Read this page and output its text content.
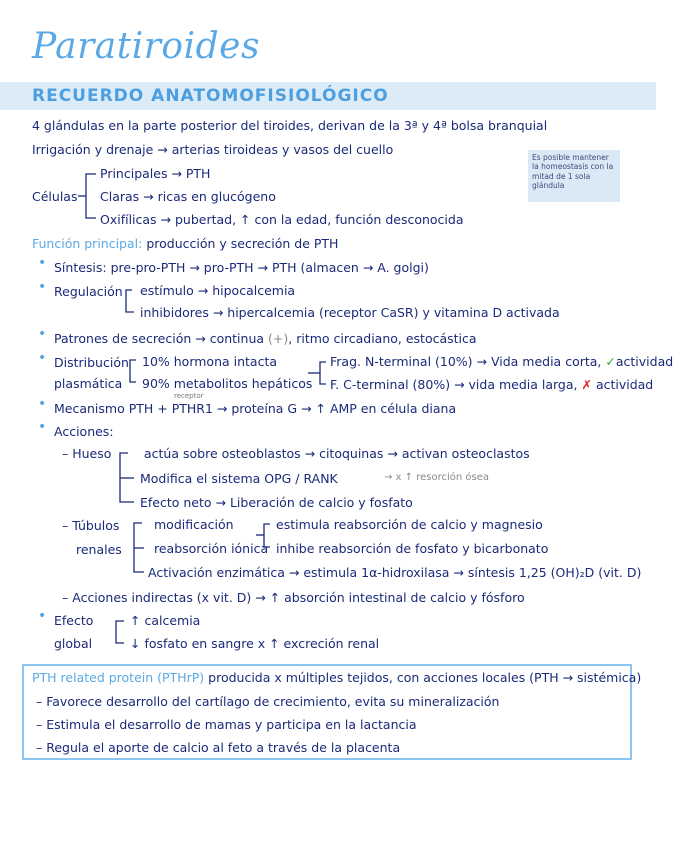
Paratiroides
RECUERDO ANATOMOFISIOLÓGICO
4 glándulas en la parte posterior del tiroides, derivan de la 3ª y 4ª bolsa branquial
Irrigación y drenaje → arterias tiroideas y vasos del cuello
Células
Principales → PTH
Claras → ricas en glucógeno
Oxifílicas → pubertad, ↑ con la edad, función desconocida
Es posible mantener la homeostasis con la mitad de 1 sola glándula
Función principal: producción y secreción de PTH
• Síntesis: pre-pro-PTH → pro-PTH → PTH (almacen → A. golgi)
• Regulación estímulo → hipocalcemia
inhibidores → hipercalcemia (receptor CaSR) y vitamina D activada
• Patrones de secreción → continua (+), ritmo circadiano, estocástica
• Distribución
plasmática
10% hormona intacta
90% metabolitos hepáticos
Frag. N-terminal (10%) → Vida media corta, ✓actividad
F. C-terminal (80%) → vida media larga, ✗ actividad
receptor
• Mecanismo PTH + PTHR1 → proteína G → ↑ AMP en célula diana
• Acciones:
– Hueso	actúa sobre osteoblastos → citoquinas → activan osteoclastos
Modifica el sistema OPG / RANK	→ x ↑ resorción ósea
Efecto neto → Liberación de calcio y fosfato
– Túbulos
renales
modificación
reabsorción iónica
estimula reabsorción de calcio y magnesio
inhibe reabsorción de fosfato y bicarbonato
Activación enzimática → estimula 1α-hidroxilasa → síntesis 1,25 (OH)₂D (vit. D)
– Acciones indirectas (x vit. D) → ↑ absorción intestinal de calcio y fósforo
• Efecto
global
↑ calcemia
↓ fosfato en sangre x ↑ excreción renal
PTH related protein (PTHrP) producida x múltiples tejidos, con acciones locales (PTH → sistémica)
– Favorece desarrollo del cartílago de crecimiento, evita su mineralización
– Estimula el desarrollo de mamas y participa en la lactancia
– Regula el aporte de calcio al feto a través de la placenta
